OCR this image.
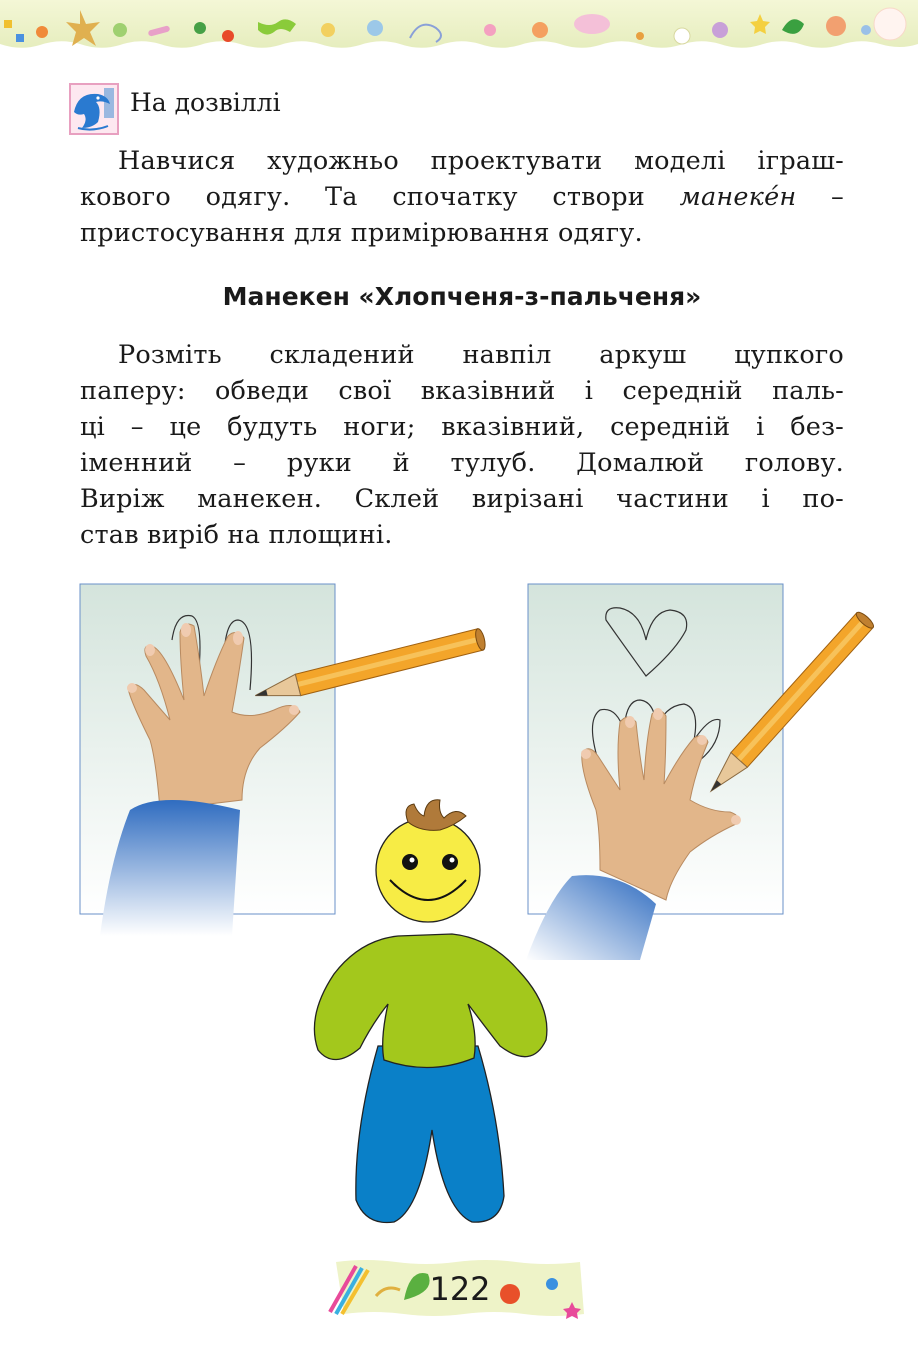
На дозвіллі
Навчися художньо проектувати моделі іграш-
кового одягу. Та спочатку створи манеке́н –
пристосування для примірювання одягу.
Манекен «Хлопченя-з-пальченя»
Розміть складений навпіл аркуш цупкого
паперу: обведи свої вказівний і середній паль-
ці – це будуть ноги; вказівний, середній і без-
іменний – руки й тулуб. Домалюй голову.
Виріж манекен. Склей вирізані частини і по-
став виріб на площині.
122
